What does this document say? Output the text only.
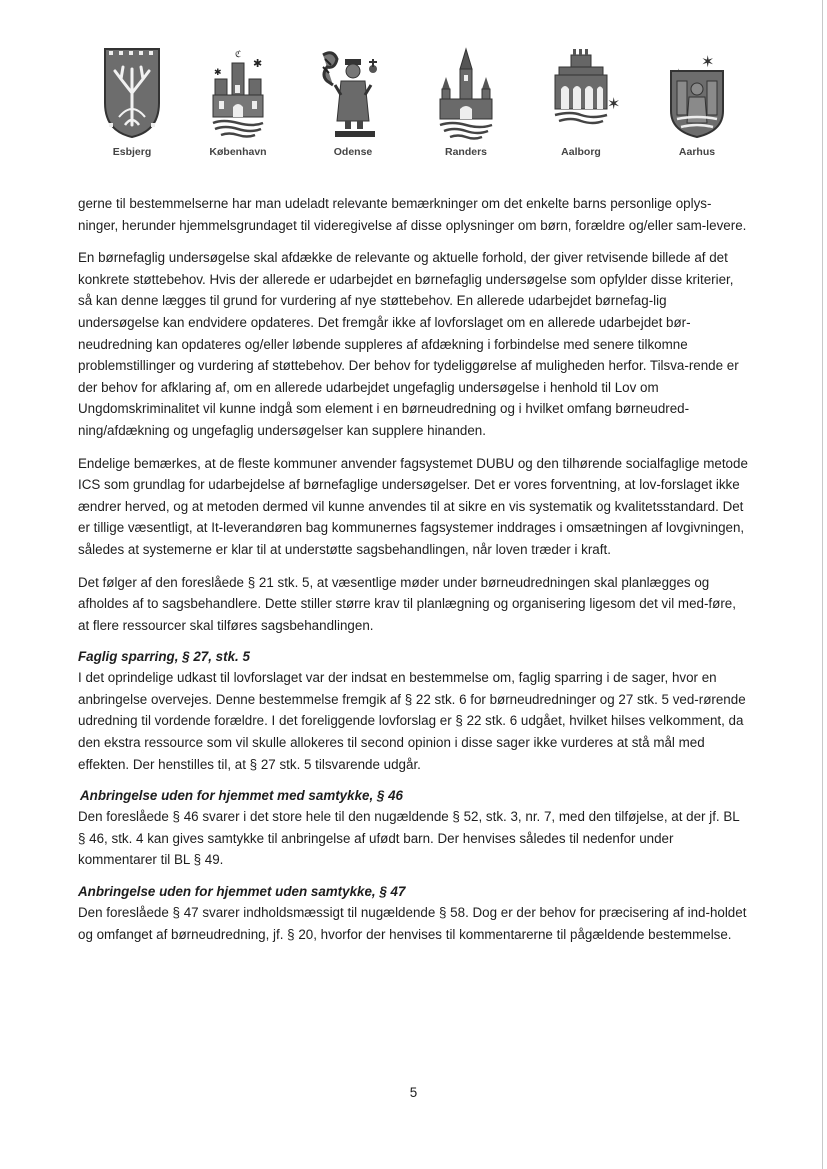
Esbjerg
ℭ
✱
✱
København	Odense	Randers
✶
Aalborg
✶
Aarhus

gerne til bestemmelserne har man udeladt relevante bemærkninger om det enkelte barns personlige oplys-ninger, herunder hjemmelsgrundaget til videregivelse af disse oplysninger om børn, forældre og/eller sam-levere.

En børnefaglig undersøgelse skal afdække de relevante og aktuelle forhold, der giver retvisende billede af det konkrete støttebehov. Hvis der allerede er udarbejdet en børnefaglig undersøgelse som opfylder disse kriterier, så kan denne lægges til grund for vurdering af nye støttebehov. En allerede udarbejdet børnefag-lig undersøgelse kan endvidere opdateres. Det fremgår ikke af lovforslaget om en allerede udarbejdet bør-neudredning kan opdateres og/eller løbende suppleres af afdækning i forbindelse med senere tilkomne problemstillinger og vurdering af støttebehov. Der behov for tydeliggørelse af muligheden herfor. Tilsva-rende er der behov for afklaring af, om en allerede udarbejdet ungefaglig undersøgelse i henhold til Lov om Ungdomskriminalitet vil kunne indgå som element i en børneudredning og i hvilket omfang børneudred-ning/afdækning og ungefaglig undersøgelser kan supplere hinanden.

Endelige bemærkes, at de fleste kommuner anvender fagsystemet DUBU og den tilhørende socialfaglige metode ICS som grundlag for udarbejdelse af børnefaglige undersøgelser. Det er vores forventning, at lov-forslaget ikke ændrer herved, og at metoden dermed vil kunne anvendes til at sikre en vis systematik og kvalitetsstandard. Det er tillige væsentligt, at It-leverandøren bag kommunernes fagsystemer inddrages i omsætningen af lovgivningen, således at systemerne er klar til at understøtte sagsbehandlingen, når loven træder i kraft.

Det følger af den foreslåede § 21 stk. 5, at væsentlige møder under børneudredningen skal planlægges og afholdes af to sagsbehandlere. Dette stiller større krav til planlægning og organisering ligesom det vil med-føre, at flere ressourcer skal tilføres sagsbehandlingen.

Faglig sparring, § 27, stk. 5

I det oprindelige udkast til lovforslaget var der indsat en bestemmelse om, faglig sparring i de sager, hvor en anbringelse overvejes. Denne bestemmelse fremgik af § 22 stk. 6 for børneudredninger og 27 stk. 5 ved-rørende udredning til vordende forældre. I det foreliggende lovforslag er § 22 stk. 6 udgået, hvilket hilses velkomment, da den ekstra ressource som vil skulle allokeres til second opinion i disse sager ikke vurderes at stå mål med effekten. Der henstilles til, at § 27 stk. 5 tilsvarende udgår.

Anbringelse uden for hjemmet med samtykke, § 46

Den foreslåede § 46 svarer i det store hele til den nugældende § 52, stk. 3, nr. 7, med den tilføjelse, at der jf. BL § 46, stk. 4 kan gives samtykke til anbringelse af ufødt barn. Der henvises således til nedenfor under kommentarer til BL § 49.

Anbringelse uden for hjemmet uden samtykke, § 47

Den foreslåede § 47 svarer indholdsmæssigt til nugældende § 58. Dog er der behov for præcisering af ind-holdet og omfanget af børneudredning, jf. § 20, hvorfor der henvises til kommentarerne til pågældende bestemmelse.

5
